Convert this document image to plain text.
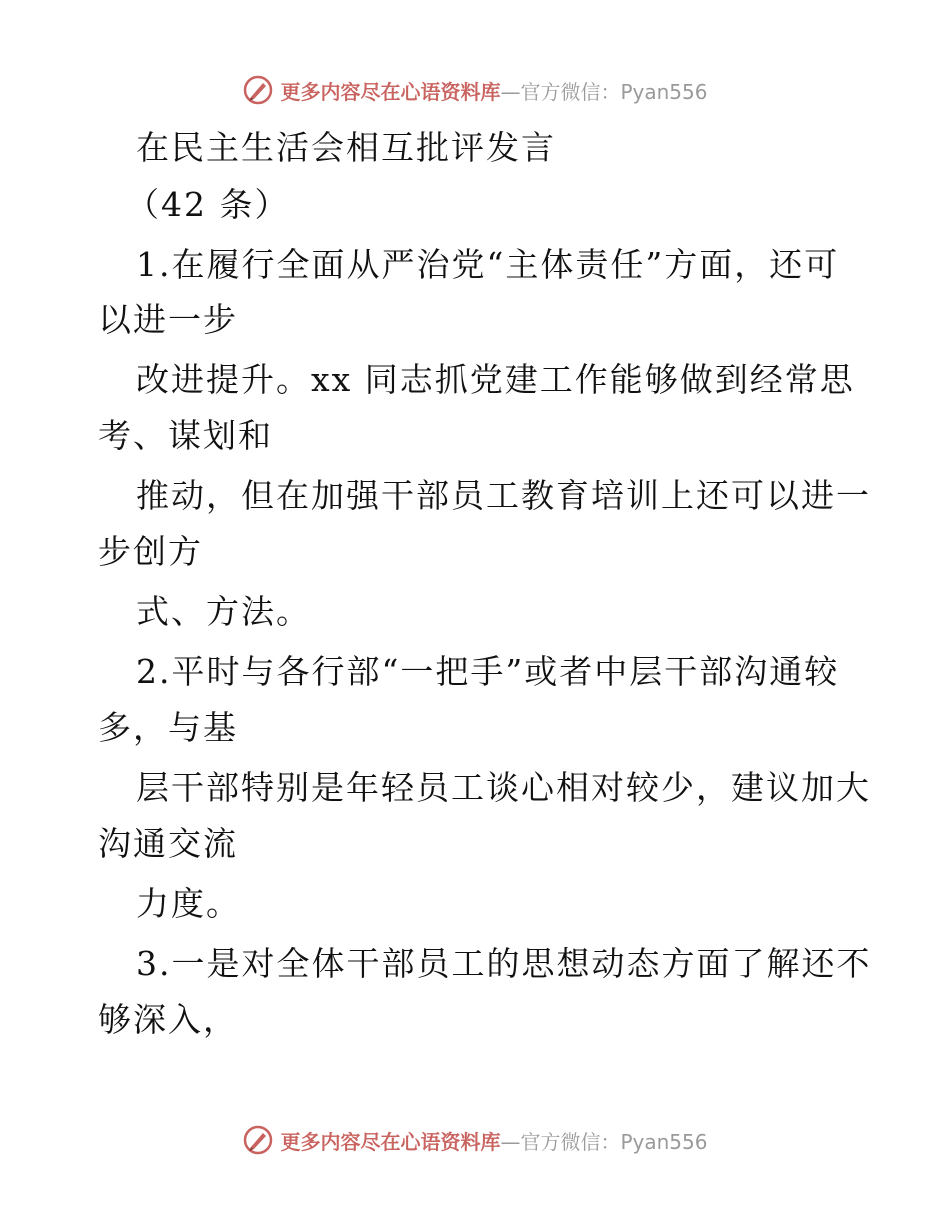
更多内容尽在心语资料库—官方微信：Pyan556
在民主生活会相互批评发言
（42 条）
1.在履行全面从严治党“主体责任”方面，还可
以进一步
改进提升。xx 同志抓党建工作能够做到经常思
考、谋划和
推动，但在加强干部员工教育培训上还可以进一
步创方
式、方法。
2.平时与各行部“一把手”或者中层干部沟通较
多，与基
层干部特别是年轻员工谈心相对较少，建议加大
沟通交流
力度。
3.一是对全体干部员工的思想动态方面了解还不
够深入，
更多内容尽在心语资料库—官方微信：Pyan556
